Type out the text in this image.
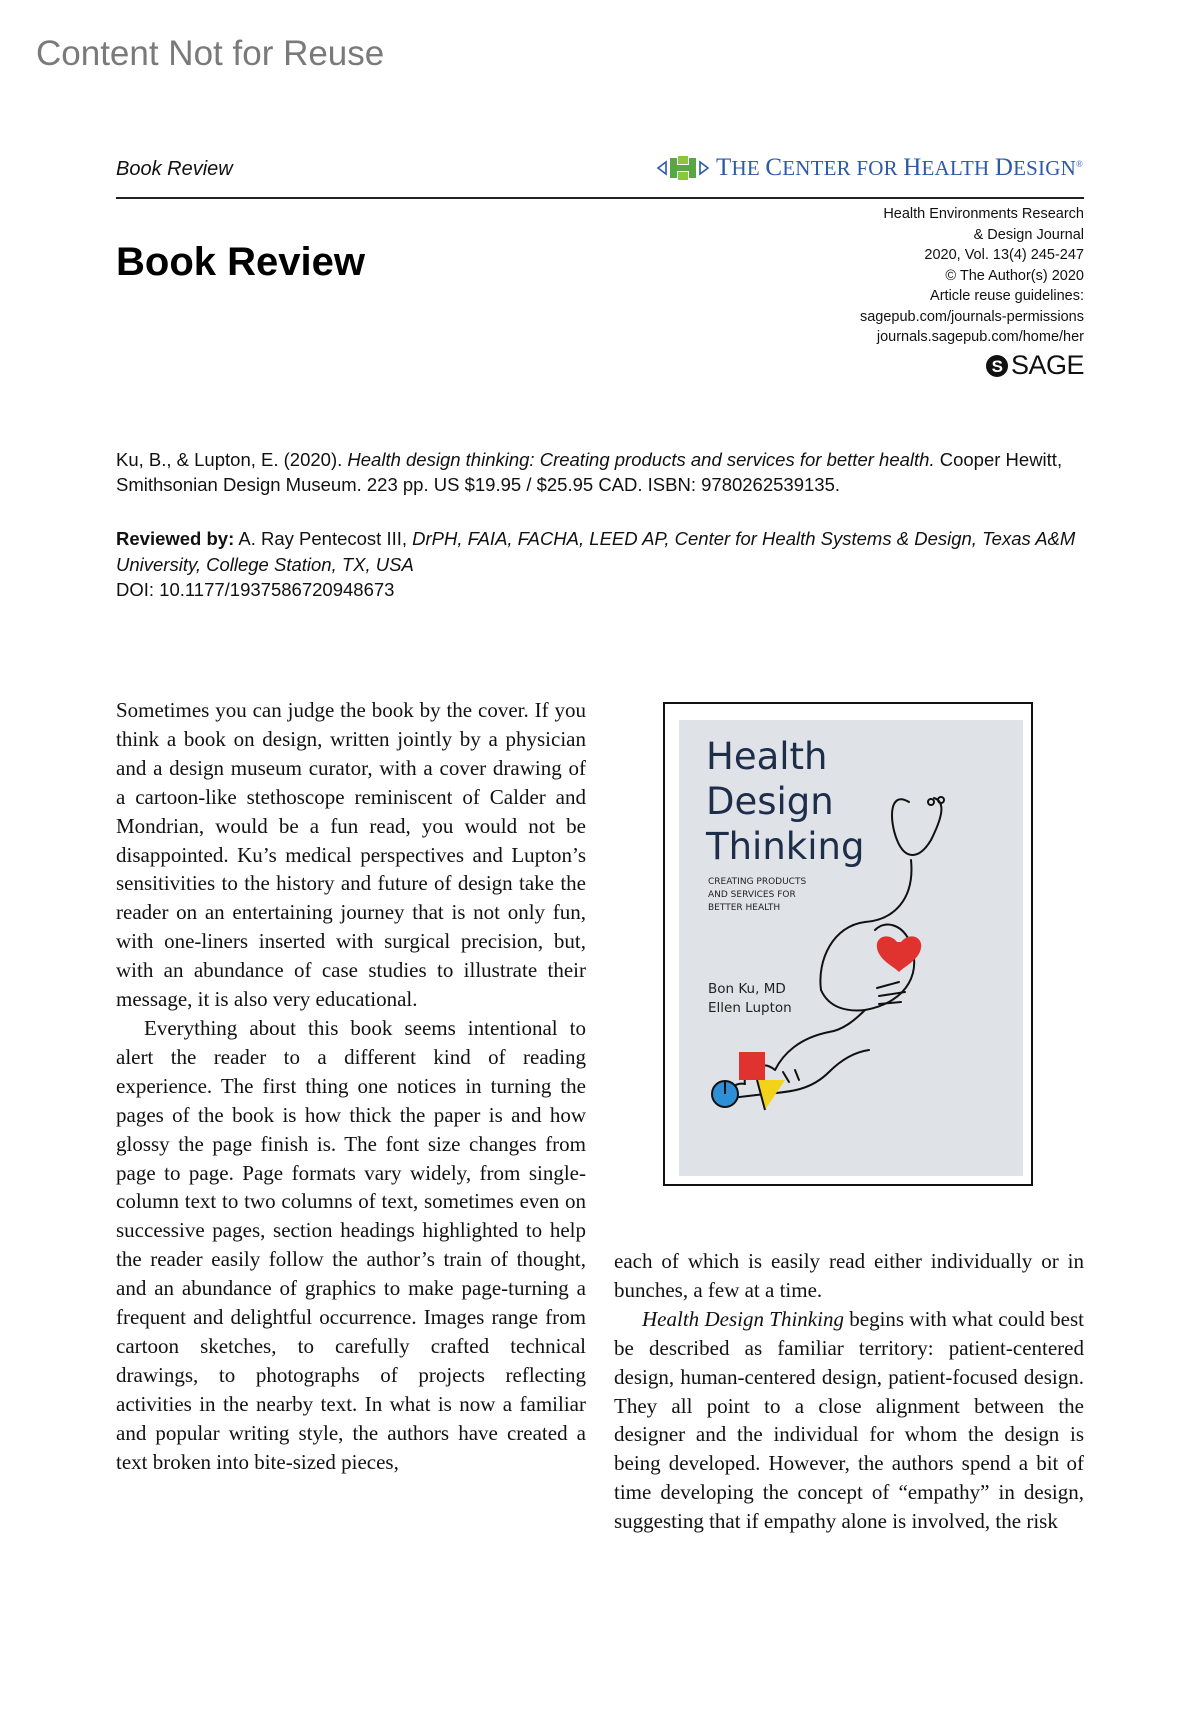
Content Not for Reuse
Book Review	THE CENTER FOR HEALTH DESIGN®
Book Review
Health Environments Research
& Design Journal
2020, Vol. 13(4) 245-247
© The Author(s) 2020
Article reuse guidelines:
sagepub.com/journals-permissions
journals.sagepub.com/home/her
S SAGE
Ku, B., & Lupton, E. (2020). Health design thinking: Creating products and services for better health. Cooper Hewitt, Smithsonian Design Museum. 223 pp. US $19.95 / $25.95 CAD. ISBN: 9780262539135.
Reviewed by: A. Ray Pentecost III, DrPH, FAIA, FACHA, LEED AP, Center for Health Systems & Design, Texas A&M University, College Station, TX, USA
DOI: 10.1177/1937586720948673

Sometimes you can judge the book by the cover. If you think a book on design, written jointly by a physician and a design museum curator, with a cover drawing of a cartoon-like stethoscope reminiscent of Calder and Mondrian, would be a fun read, you would not be disappointed. Ku’s medical perspectives and Lupton’s sensitivities to the history and future of design take the reader on an entertaining journey that is not only fun, with one-liners inserted with surgical precision, but, with an abundance of case studies to illustrate their message, it is also very educational.

Everything about this book seems intentional to alert the reader to a different kind of reading experience. The first thing one notices in turning the pages of the book is how thick the paper is and how glossy the page finish is. The font size changes from page to page. Page formats vary widely, from single-column text to two columns of text, sometimes even on successive pages, section headings highlighted to help the reader easily follow the author’s train of thought, and an abundance of graphics to make page-turning a frequent and delightful occurrence. Images range from cartoon sketches, to carefully crafted technical drawings, to photographs of projects reflecting activities in the nearby text. In what is now a familiar and popular writing style, the authors have created a text broken into bite-sized pieces,

Health
Design
Thinking
CREATING PRODUCTS
AND SERVICES FOR
BETTER HEALTH
Bon Ku, MD
Ellen Lupton

each of which is easily read either individually or in bunches, a few at a time.

Health Design Thinking begins with what could best be described as familiar territory: patient-centered design, human-centered design, patient-focused design. They all point to a close alignment between the designer and the individual for whom the design is being developed. However, the authors spend a bit of time developing the concept of “empathy” in design, suggesting that if empathy alone is involved, the risk
